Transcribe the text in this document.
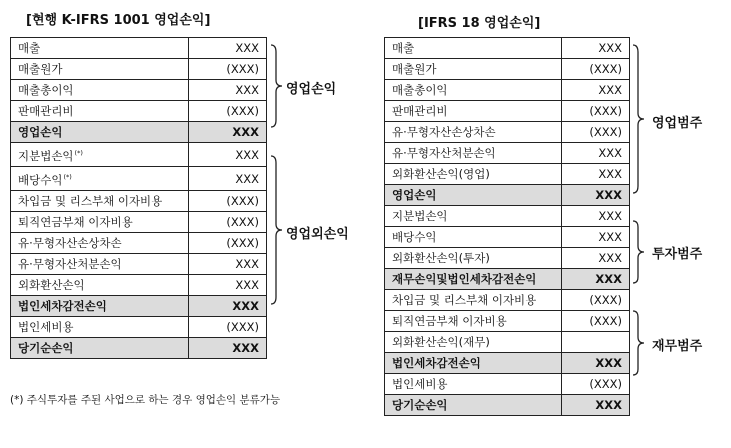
[현행 K-IFRS 1001 영업손익]	[IFRS 18 영업손익]
매출	XXX
매출원가	(XXX)
매출총이익	XXX
판매관리비	(XXX)
영업손익	XXX
지분법손익(*)	XXX
배당수익(*)	XXX
차입금 및 리스부채 이자비용	(XXX)
퇴직연금부채 이자비용	(XXX)
유·무형자산손상차손	(XXX)
유·무형자산처분손익	XXX
외화환산손익	XXX
법인세차감전손익	XXX
법인세비용	(XXX)
당기순손익	XXX
매출	XXX
매출원가	(XXX)
매출총이익	XXX
판매관리비	(XXX)
유·무형자산손상차손	(XXX)
유·무형자산처분손익	XXX
외화환산손익(영업)	XXX
영업손익	XXX
지분법손익	XXX
배당수익	XXX
외화환산손익(투자)	XXX
재무손익및법인세차감전손익	XXX
차입금 및 리스부채 이자비용	(XXX)
퇴직연금부채 이자비용	(XXX)
외화환산손익(재무)	
법인세차감전손익	XXX
법인세비용	(XXX)
당기순손익	XXX
영업손익
영업외손익
영업범주
투자범주
재무범주
(*) 주식투자를 주된 사업으로 하는 경우 영업손익 분류가능
